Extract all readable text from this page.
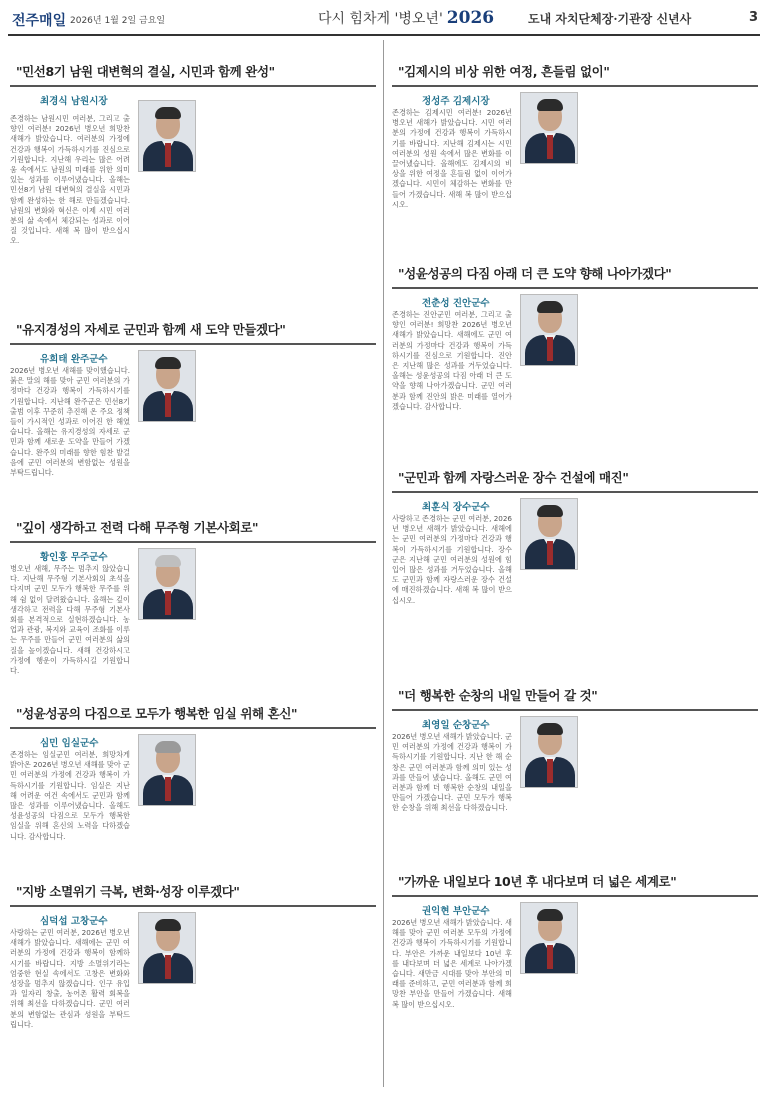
전주매일 2026년 1월 2일 금요일	다시 힘차게 '병오년' 2026	도내 자치단체장·기관장 신년사	3
"민선8기 남원 대변혁의 결실, 시민과 함께 완성"
최경식 남원시장
존경하는 남원시민 여러분, 그리고 출향인 여러분! 2026년 병오년 희망찬 새해가 밝았습니다. 여러분의 가정에 건강과 행복이 가득하시기를 진심으로 기원합니다. 지난해 우리는 많은 어려움 속에서도 남원의 미래를 위한 의미 있는 성과를 이루어냈습니다. 올해는 민선8기 남원 대변혁의 결실을 시민과 함께 완성하는 한 해로 만들겠습니다. 남원의 변화와 혁신은 이제 시민 여러분의 삶 속에서 체감되는 성과로 이어질 것입니다. 새해 복 많이 받으십시오.
"유지경성의 자세로 군민과 함께 새 도약 만들겠다"
유희태 완주군수
2026년 병오년 새해를 맞이했습니다. 붉은 말의 해를 맞아 군민 여러분의 가정마다 건강과 행복이 가득하시기를 기원합니다. 지난해 완주군은 민선8기 출범 이후 꾸준히 추진해 온 주요 정책들이 가시적인 성과로 이어진 한 해였습니다. 올해는 유지경성의 자세로 군민과 함께 새로운 도약을 만들어 가겠습니다. 완주의 미래를 향한 힘찬 발걸음에 군민 여러분의 변함없는 성원을 부탁드립니다.
"깊이 생각하고 전력 다해 무주형 기본사회로"
황인홍 무주군수
병오년 새해, 무주는 멈추지 않았습니다. 지난해 무주형 기본사회의 초석을 다지며 군민 모두가 행복한 무주를 위해 쉼 없이 달려왔습니다. 올해는 깊이 생각하고 전력을 다해 무주형 기본사회를 본격적으로 실현하겠습니다. 농업과 관광, 복지와 교육이 조화를 이루는 무주를 만들어 군민 여러분의 삶의 질을 높이겠습니다. 새해 건강하시고 가정에 행운이 가득하시길 기원합니다.
"성윤성공의 다짐으로 모두가 행복한 임실 위해 혼신"
심민 임실군수
존경하는 임실군민 여러분, 희망차게 밝아온 2026년 병오년 새해를 맞아 군민 여러분의 가정에 건강과 행복이 가득하시기를 기원합니다. 임실은 지난해 어려운 여건 속에서도 군민과 함께 많은 성과를 이루어냈습니다. 올해도 성윤성공의 다짐으로 모두가 행복한 임실을 위해 혼신의 노력을 다하겠습니다. 감사합니다.
"지방 소멸위기 극복, 변화·성장 이루겠다"
심덕섭 고창군수
사랑하는 군민 여러분, 2026년 병오년 새해가 밝았습니다. 새해에는 군민 여러분의 가정에 건강과 행복이 함께하시기를 바랍니다. 지방 소멸위기라는 엄중한 현실 속에서도 고창은 변화와 성장을 멈추지 않겠습니다. 인구 유입과 일자리 창출, 농어촌 활력 회복을 위해 최선을 다하겠습니다. 군민 여러분의 변함없는 관심과 성원을 부탁드립니다.
"김제시의 비상 위한 여정, 흔들림 없이"
정성주 김제시장
존경하는 김제시민 여러분! 2026년 병오년 새해가 밝았습니다. 시민 여러분의 가정에 건강과 행복이 가득하시기를 바랍니다. 지난해 김제시는 시민 여러분의 성원 속에서 많은 변화를 이끌어냈습니다. 올해에도 김제시의 비상을 위한 여정을 흔들림 없이 이어가겠습니다. 시민이 체감하는 변화를 만들어 가겠습니다. 새해 복 많이 받으십시오.
"성윤성공의 다짐 아래 더 큰 도약 향해 나아가겠다"
전춘성 진안군수
존경하는 진안군민 여러분, 그리고 출향인 여러분! 희망찬 2026년 병오년 새해가 밝았습니다. 새해에도 군민 여러분의 가정마다 건강과 행복이 가득하시기를 진심으로 기원합니다. 진안은 지난해 많은 성과를 거두었습니다. 올해는 성윤성공의 다짐 아래 더 큰 도약을 향해 나아가겠습니다. 군민 여러분과 함께 진안의 밝은 미래를 열어가겠습니다. 감사합니다.
"군민과 함께 자랑스러운 장수 건설에 매진"
최훈식 장수군수
사랑하고 존경하는 군민 여러분, 2026년 병오년 새해가 밝았습니다. 새해에는 군민 여러분의 가정마다 건강과 행복이 가득하시기를 기원합니다. 장수군은 지난해 군민 여러분의 성원에 힘입어 많은 성과를 거두었습니다. 올해도 군민과 함께 자랑스러운 장수 건설에 매진하겠습니다. 새해 복 많이 받으십시오.
"더 행복한 순창의 내일 만들어 갈 것"
최영일 순창군수
2026년 병오년 새해가 밝았습니다. 군민 여러분의 가정에 건강과 행복이 가득하시기를 기원합니다. 지난 한 해 순창은 군민 여러분과 함께 의미 있는 성과를 만들어 냈습니다. 올해도 군민 여러분과 함께 더 행복한 순창의 내일을 만들어 가겠습니다. 군민 모두가 행복한 순창을 위해 최선을 다하겠습니다.
"가까운 내일보다 10년 후 내다보며 더 넓은 세계로"
권익현 부안군수
2026년 병오년 새해가 밝았습니다. 새해를 맞아 군민 여러분 모두의 가정에 건강과 행복이 가득하시기를 기원합니다. 부안은 가까운 내일보다 10년 후를 내다보며 더 넓은 세계로 나아가겠습니다. 새만금 시대를 맞아 부안의 미래를 준비하고, 군민 여러분과 함께 희망찬 부안을 만들어 가겠습니다. 새해 복 많이 받으십시오.
